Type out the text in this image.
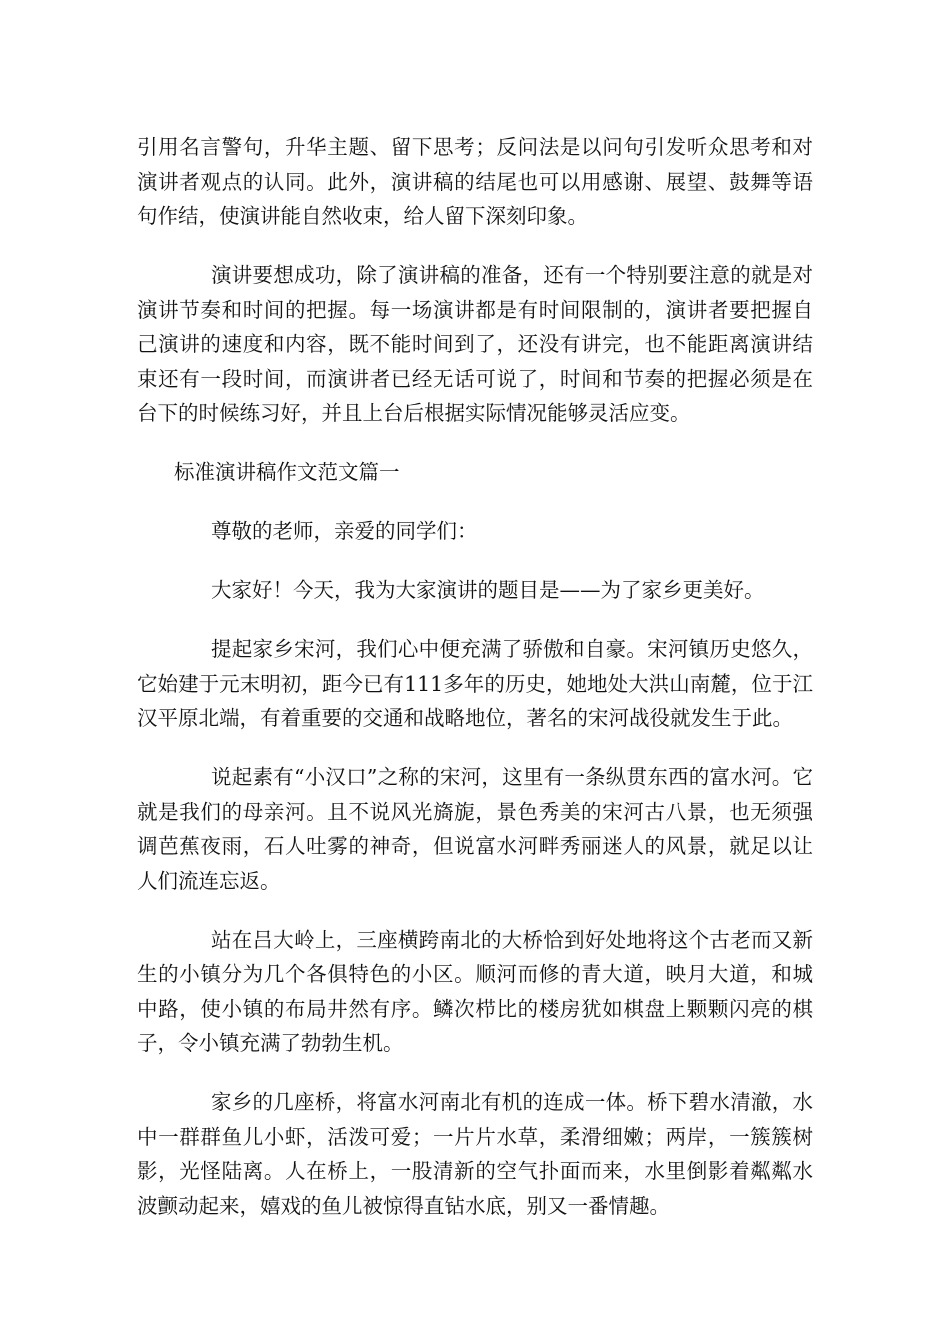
引用名言警句，升华主题、留下思考；反问法是以问句引发听众思考和对演讲者观点的认同。此外，演讲稿的结尾也可以用感谢、展望、鼓舞等语句作结，使演讲能自然收束，给人留下深刻印象。

演讲要想成功，除了演讲稿的准备，还有一个特别要注意的就是对演讲节奏和时间的把握。每一场演讲都是有时间限制的，演讲者要把握自己演讲的速度和内容，既不能时间到了，还没有讲完，也不能距离演讲结束还有一段时间，而演讲者已经无话可说了，时间和节奏的把握必须是在台下的时候练习好，并且上台后根据实际情况能够灵活应变。

标准演讲稿作文范文篇一

尊敬的老师，亲爱的同学们：

大家好！今天，我为大家演讲的题目是——为了家乡更美好。

提起家乡宋河，我们心中便充满了骄傲和自豪。宋河镇历史悠久，它始建于元末明初，距今已有111多年的历史，她地处大洪山南麓，位于江汉平原北端，有着重要的交通和战略地位，著名的宋河战役就发生于此。

说起素有“小汉口”之称的宋河，这里有一条纵贯东西的富水河。它就是我们的母亲河。且不说风光旖旎，景色秀美的宋河古八景，也无须强调芭蕉夜雨，石人吐雾的神奇，但说富水河畔秀丽迷人的风景，就足以让人们流连忘返。

站在吕大岭上，三座横跨南北的大桥恰到好处地将这个古老而又新生的小镇分为几个各俱特色的小区。顺河而修的青大道，映月大道，和城中路，使小镇的布局井然有序。鳞次栉比的楼房犹如棋盘上颗颗闪亮的棋子，令小镇充满了勃勃生机。

家乡的几座桥，将富水河南北有机的连成一体。桥下碧水清澈，水中一群群鱼儿小虾，活泼可爱；一片片水草，柔滑细嫩；两岸，一簇簇树影，光怪陆离。人在桥上，一股清新的空气扑面而来，水里倒影着粼粼水波颤动起来，嬉戏的鱼儿被惊得直钻水底，别又一番情趣。
